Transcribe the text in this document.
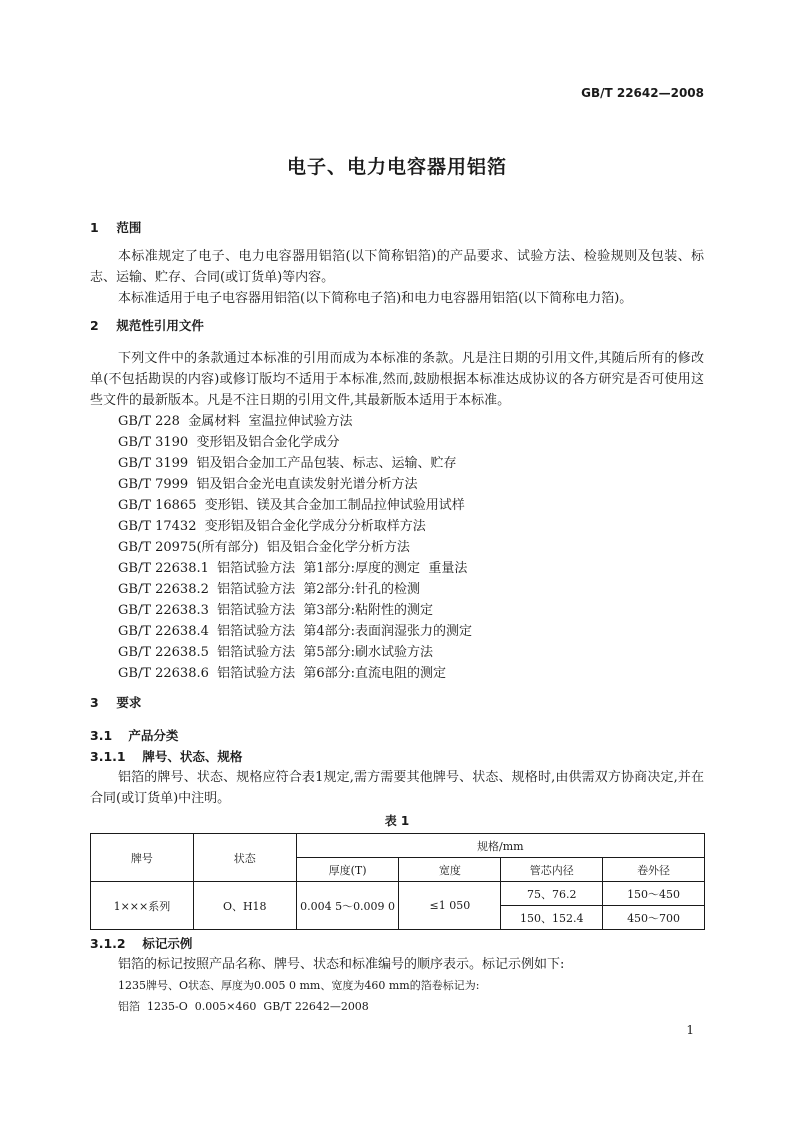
GB/T 22642—2008
电子、电力电容器用铝箔
1 范围
本标准规定了电子、电力电容器用铝箔(以下简称铝箔)的产品要求、试验方法、检验规则及包装、标志、运输、贮存、合同(或订货单)等内容。
本标准适用于电子电容器用铝箔(以下简称电子箔)和电力电容器用铝箔(以下简称电力箔)。
2 规范性引用文件
下列文件中的条款通过本标准的引用而成为本标准的条款。凡是注日期的引用文件,其随后所有的修改单(不包括勘误的内容)或修订版均不适用于本标准,然而,鼓励根据本标准达成协议的各方研究是否可使用这些文件的最新版本。凡是不注日期的引用文件,其最新版本适用于本标准。
GB/T 228  金属材料  室温拉伸试验方法
GB/T 3190  变形铝及铝合金化学成分
GB/T 3199  铝及铝合金加工产品包装、标志、运输、贮存
GB/T 7999  铝及铝合金光电直读发射光谱分析方法
GB/T 16865  变形铝、镁及其合金加工制品拉伸试验用试样
GB/T 17432  变形铝及铝合金化学成分分析取样方法
GB/T 20975(所有部分)  铝及铝合金化学分析方法
GB/T 22638.1  铝箔试验方法  第1部分:厚度的测定  重量法
GB/T 22638.2  铝箔试验方法  第2部分:针孔的检测
GB/T 22638.3  铝箔试验方法  第3部分:粘附性的测定
GB/T 22638.4  铝箔试验方法  第4部分:表面润湿张力的测定
GB/T 22638.5  铝箔试验方法  第5部分:刷水试验方法
GB/T 22638.6  铝箔试验方法  第6部分:直流电阻的测定
3 要求
3.1 产品分类
3.1.1 牌号、状态、规格
铝箔的牌号、状态、规格应符合表1规定,需方需要其他牌号、状态、规格时,由供需双方协商决定,并在合同(或订货单)中注明。
表 1
牌号	状态	规格/mm			
		厚度(T)	宽度	管芯内径	卷外径
1×××系列	O、H18	0.004 5～0.009 0	≤1 050	75、76.2	150～450
				150、152.4	450～700
3.1.2 标记示例
铝箔的标记按照产品名称、牌号、状态和标准编号的顺序表示。标记示例如下:
1235牌号、O状态、厚度为0.005 0 mm、宽度为460 mm的箔卷标记为:
铝箔  1235-O  0.005×460  GB/T 22642—2008
1
